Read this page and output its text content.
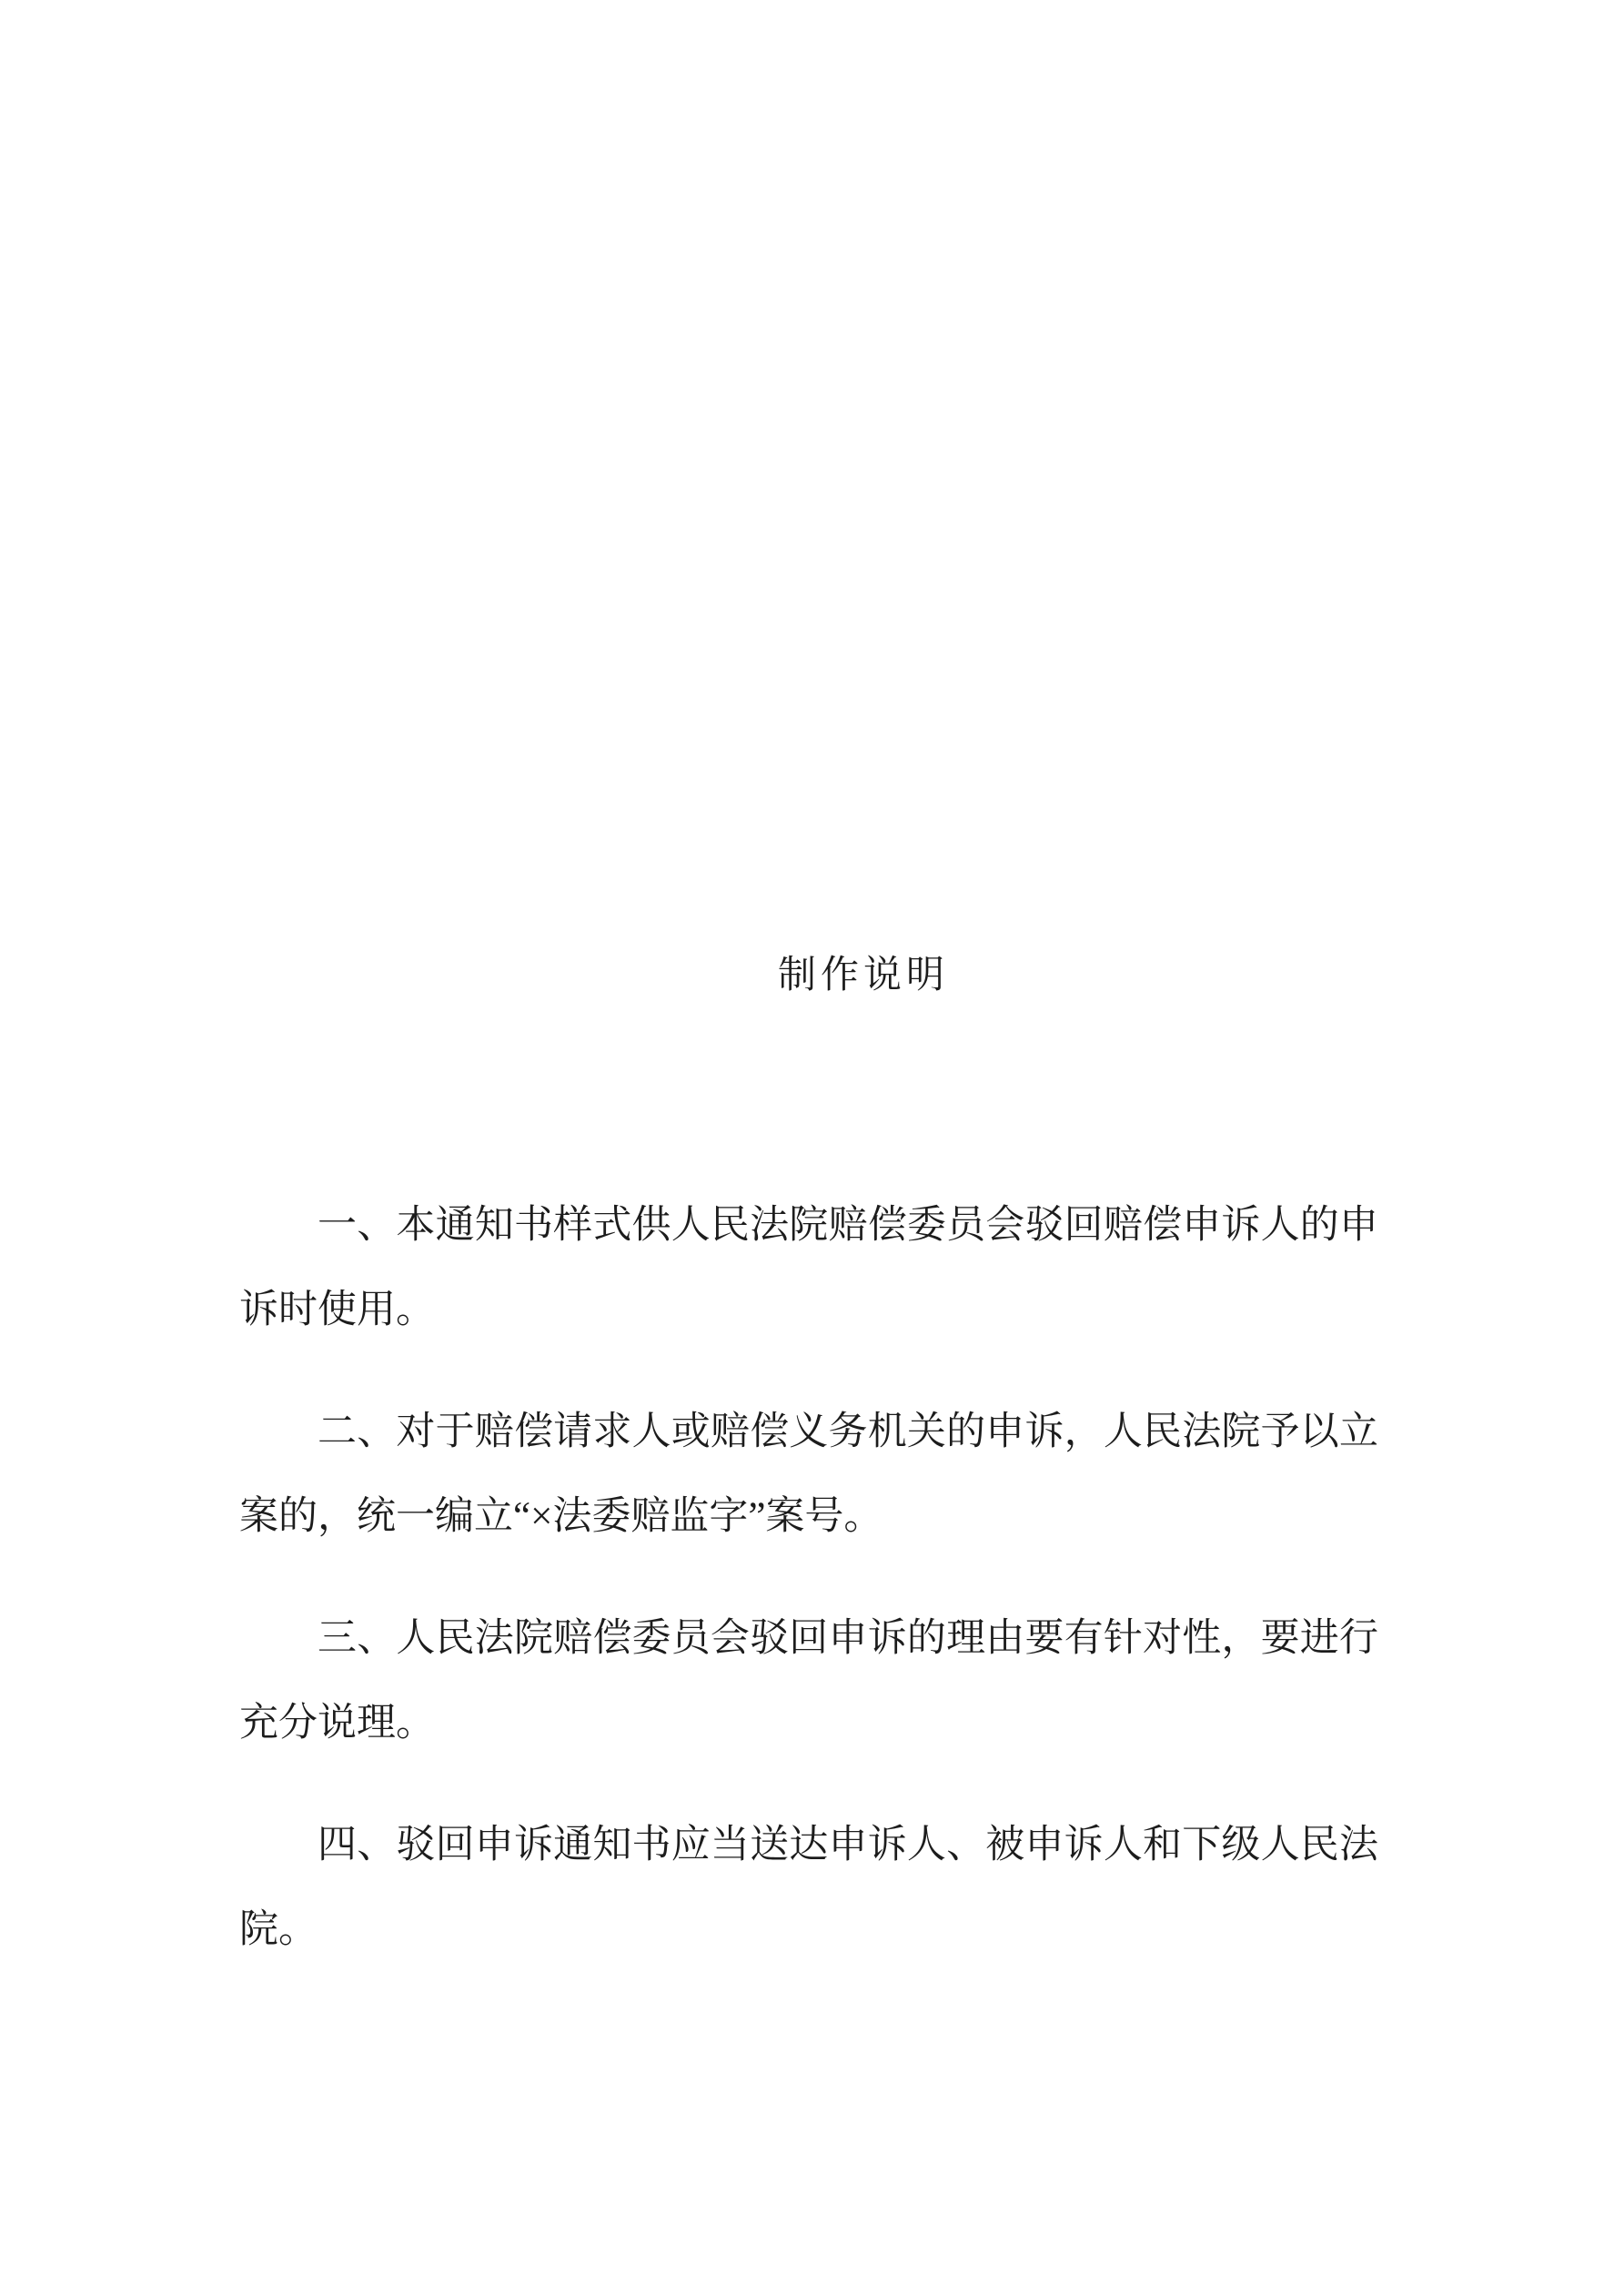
制作说明

一、本通知书样式供人民法院赔偿委员会驳回赔偿申诉人的申诉时使用。

二、对于赔偿请求人或赔偿义务机关的申诉，人民法院予以立案的，统一编立“×法委赔监字”案号。

三、人民法院赔偿委员会驳回申诉的理由要有针对性，要进行充分说理。

四、驳回申诉通知书应当送达申诉人、被申诉人和下级人民法院。
